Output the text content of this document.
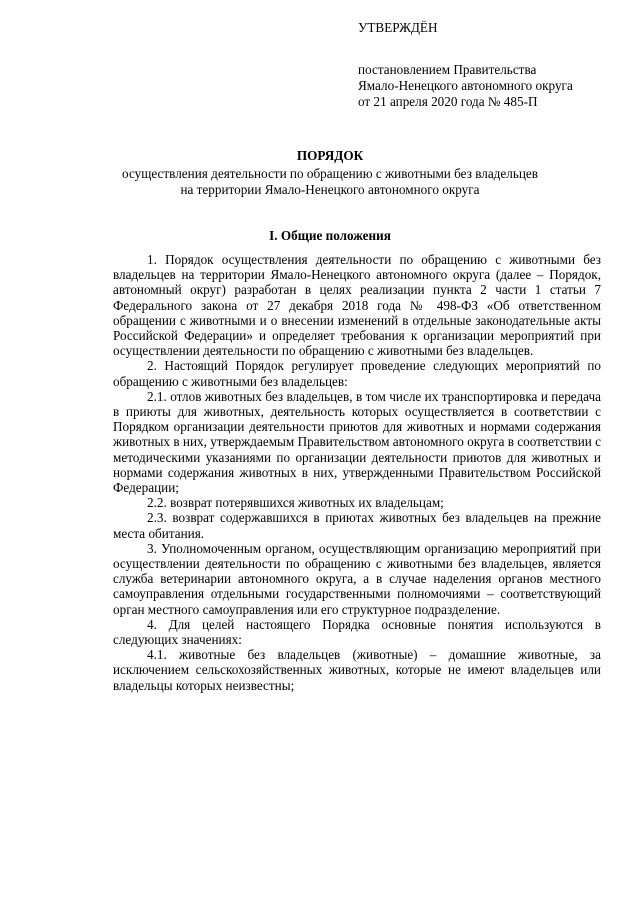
УТВЕРЖДЁН
постановлением Правительства
Ямало-Ненецкого автономного округа
от 21 апреля 2020 года № 485-П
ПОРЯДОК
осуществления деятельности по обращению с животными без владельцев
на территории Ямало-Ненецкого автономного округа
I. Общие положения

1. Порядок осуществления деятельности по обращению с животными без владельцев на территории Ямало-Ненецкого автономного округа (далее – Порядок, автономный округ) разработан в целях реализации пункта 2 части 1 статьи 7 Федерального закона от 27 декабря 2018 года № 498-ФЗ «Об ответственном обращении с животными и о внесении изменений в отдельные законодательные акты Российской Федерации» и определяет требования к организации мероприятий при осуществлении деятельности по обращению с животными без владельцев.

2. Настоящий Порядок регулирует проведение следующих мероприятий по обращению с животными без владельцев:

2.1. отлов животных без владельцев, в том числе их транспортировка и передача в приюты для животных, деятельность которых осуществляется в соответствии с Порядком организации деятельности приютов для животных и нормами содержания животных в них, утверждаемым Правительством автономного округа в соответствии с методическими указаниями по организации деятельности приютов для животных и нормами содержания животных в них, утвержденными Правительством Российской Федерации;

2.2. возврат потерявшихся животных их владельцам;

2.3. возврат содержавшихся в приютах животных без владельцев на прежние места обитания.

3. Уполномоченным органом, осуществляющим организацию мероприятий при осуществлении деятельности по обращению с животными без владельцев, является служба ветеринарии автономного округа, а в случае наделения органов местного самоуправления отдельными государственными полномочиями – соответствующий орган местного самоуправления или его структурное подразделение.

4. Для целей настоящего Порядка основные понятия используются в следующих значениях:

4.1. животные без владельцев (животные) – домашние животные, за исключением сельскохозяйственных животных, которые не имеют владельцев или владельцы которых неизвестны;
